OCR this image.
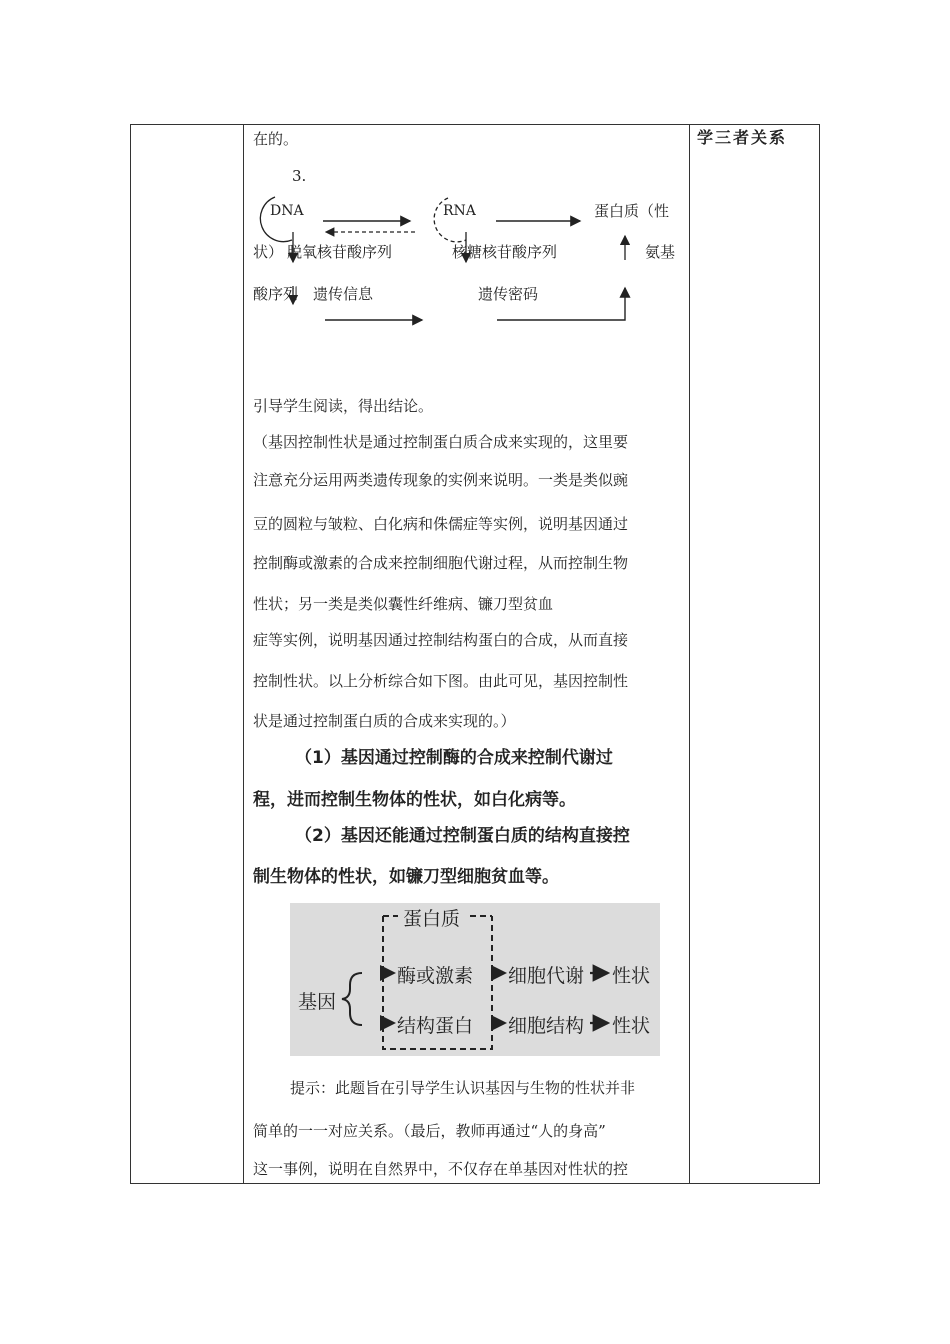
学三者关系
在的。
3.
DNA	RNA	蛋白质（性
状） 脱氧核苷酸序列	核糖核苷酸序列	氨基
酸序列 遗传信息	遗传密码
引导学生阅读，得出结论。
（基因控制性状是通过控制蛋白质合成来实现的，这里要
注意充分运用两类遗传现象的实例来说明。一类是类似豌
豆的圆粒与皱粒、白化病和侏儒症等实例，说明基因通过
控制酶或激素的合成来控制细胞代谢过程，从而控制生物
性状；另一类是类似囊性纤维病、镰刀型贫血
症等实例，说明基因通过控制结构蛋白的合成，从而直接
控制性状。以上分析综合如下图。由此可见，基因控制性
状是通过控制蛋白质的合成来实现的。）
（1）基因通过控制酶的合成来控制代谢过
程，进而控制生物体的性状，如白化病等。
（2）基因还能通过控制蛋白质的结构直接控
制生物体的性状，如镰刀型细胞贫血等。
蛋白质
基因
酶或激素
结构蛋白
细胞代谢
细胞结构
性状
性状
提示：此题旨在引导学生认识基因与生物的性状并非
简单的一一对应关系。（最后，教师再通过“人的身高”
这一事例，说明在自然界中，不仅存在单基因对性状的控
